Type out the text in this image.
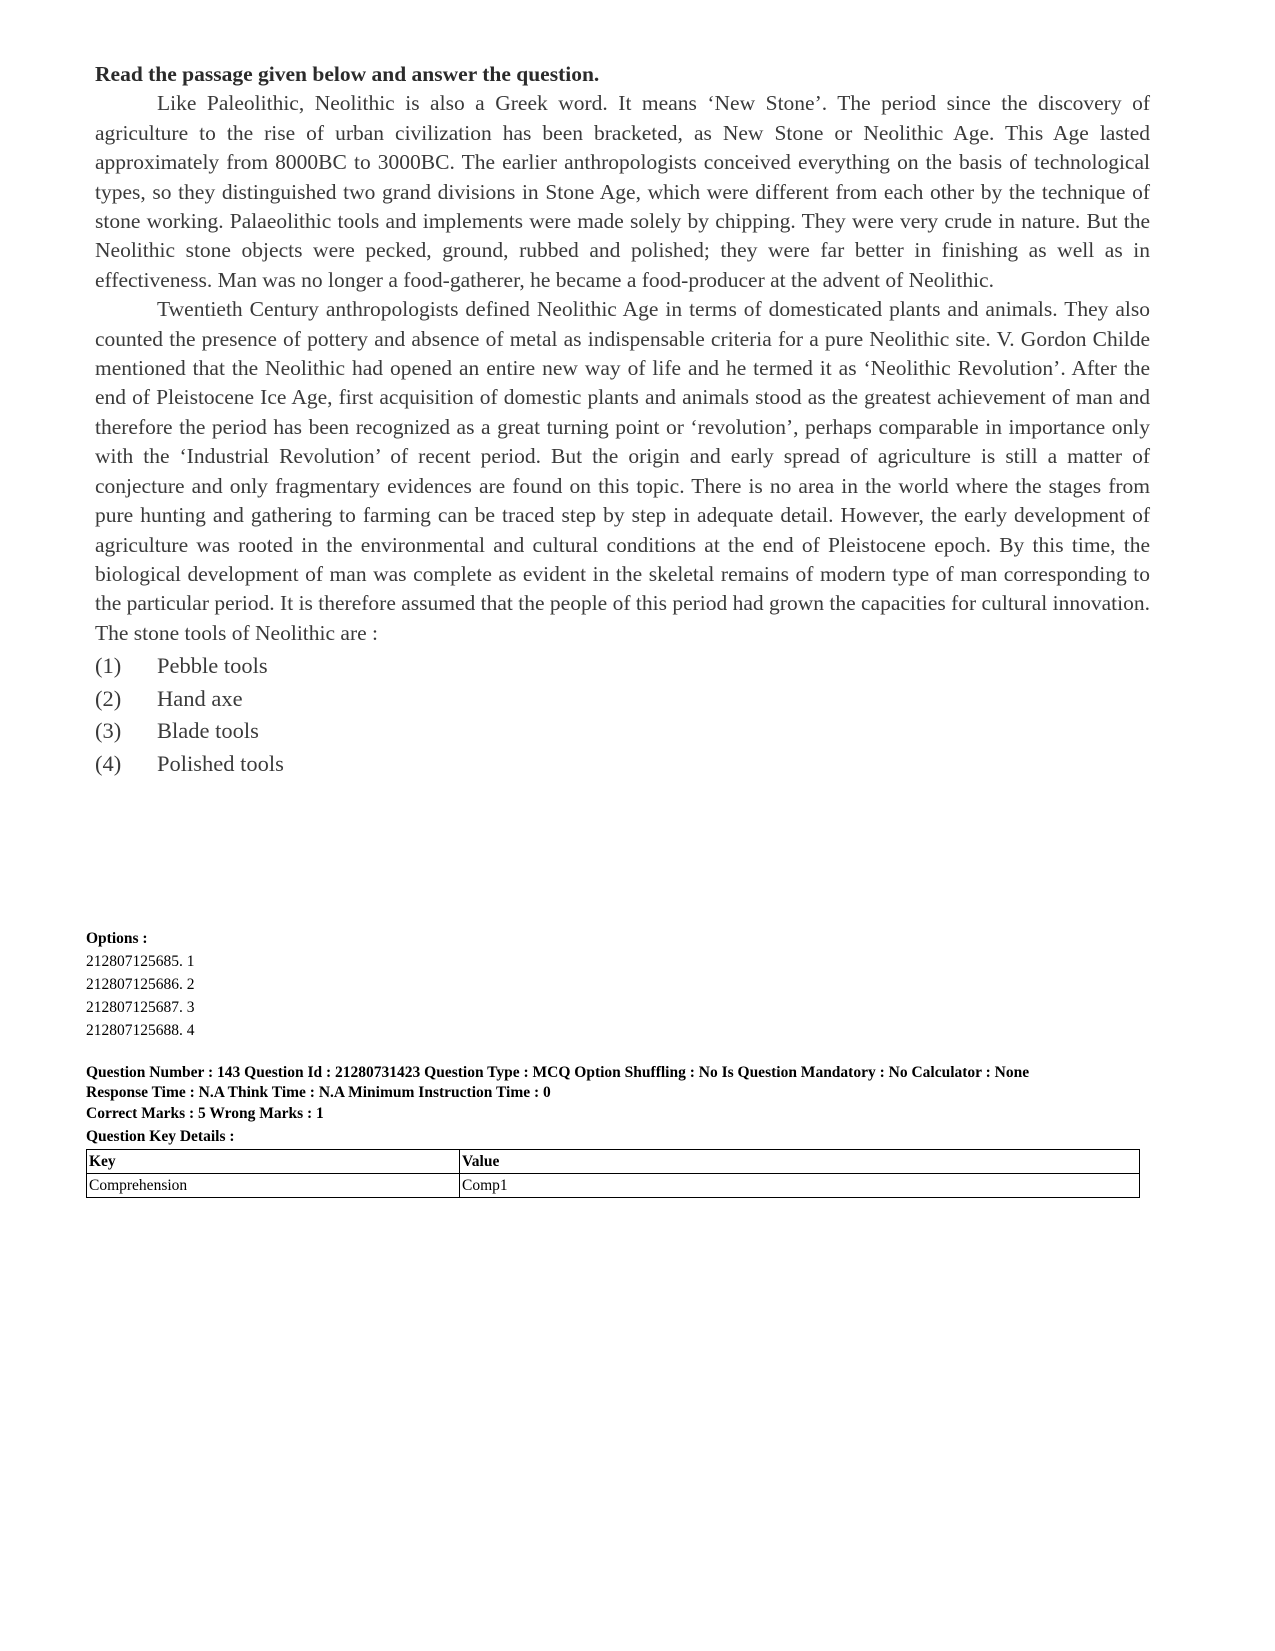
Read the passage given below and answer the question.

Like Paleolithic, Neolithic is also a Greek word. It means ‘New Stone’. The period since the discovery of agriculture to the rise of urban civilization has been bracketed, as New Stone or Neolithic Age. This Age lasted approximately from 8000BC to 3000BC. The earlier anthropologists conceived everything on the basis of technological types, so they distinguished two grand divisions in Stone Age, which were different from each other by the technique of stone working. Palaeolithic tools and implements were made solely by chipping. They were very crude in nature. But the Neolithic stone objects were pecked, ground, rubbed and polished; they were far better in finishing as well as in effectiveness. Man was no longer a food-gatherer, he became a food-producer at the advent of Neolithic.

Twentieth Century anthropologists defined Neolithic Age in terms of domesticated plants and animals. They also counted the presence of pottery and absence of metal as indispensable criteria for a pure Neolithic site. V. Gordon Childe mentioned that the Neolithic had opened an entire new way of life and he termed it as ‘Neolithic Revolution’. After the end of Pleistocene Ice Age, first acquisition of domestic plants and animals stood as the greatest achievement of man and therefore the period has been recognized as a great turning point or ‘revolution’, perhaps comparable in importance only with the ‘Industrial Revolution’ of recent period. But the origin and early spread of agriculture is still a matter of conjecture and only fragmentary evidences are found on this topic. There is no area in the world where the stages from pure hunting and gathering to farming can be traced step by step in adequate detail. However, the early development of agriculture was rooted in the environmental and cultural conditions at the end of Pleistocene epoch. By this time, the biological development of man was complete as evident in the skeletal remains of modern type of man corresponding to the particular period. It is therefore assumed that the people of this period had grown the capacities for cultural innovation.

The stone tools of Neolithic are :

(1)	Pebble tools
(2)	Hand axe
(3)	Blade tools
(4)	Polished tools
Options :
212807125685. 1
212807125686. 2
212807125687. 3
212807125688. 4
Question Number : 143 Question Id : 21280731423 Question Type : MCQ Option Shuffling : No Is Question Mandatory : No Calculator : None
Response Time : N.A Think Time : N.A Minimum Instruction Time : 0
Correct Marks : 5 Wrong Marks : 1
Question Key Details :
Key	Value
Comprehension	Comp1
